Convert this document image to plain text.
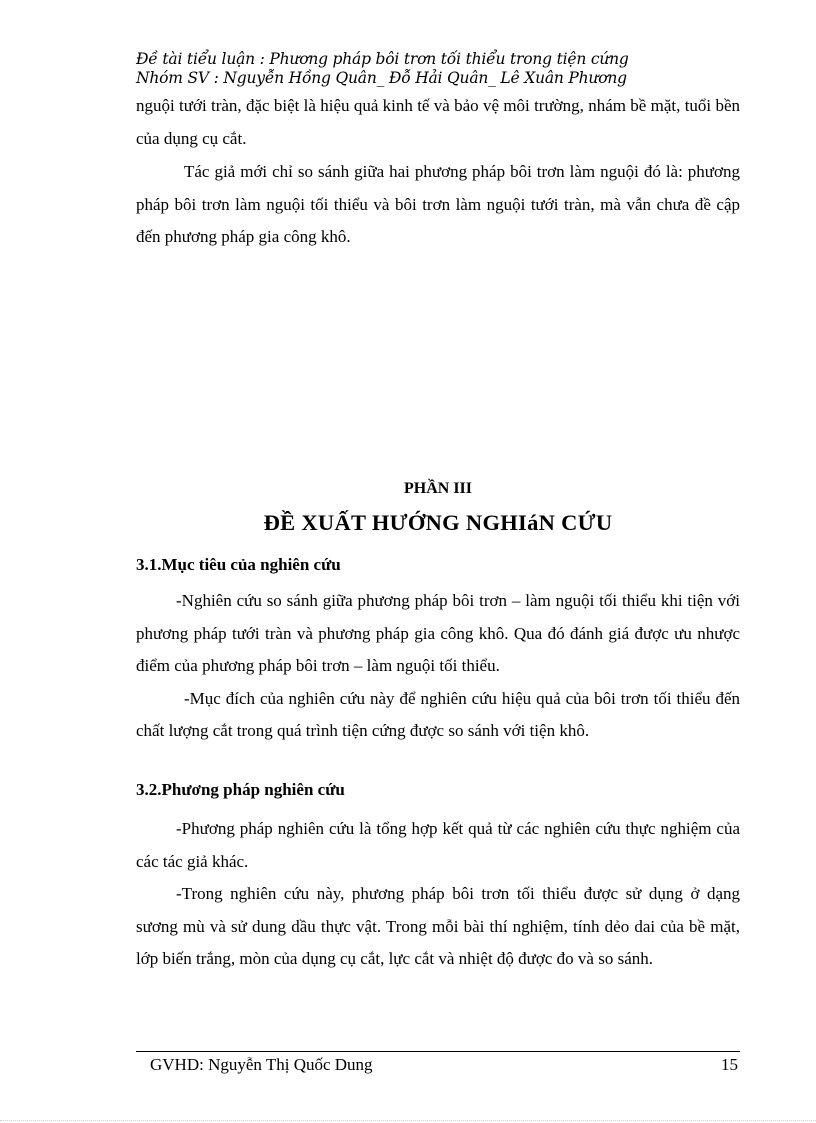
Đề tài tiểu luận : Phương pháp bôi trơn tối thiểu trong tiện cứng
Nhóm SV : Nguyễn Hồng Quân_ Đỗ Hải Quân_ Lê Xuân Phương

nguội tưới tràn, đặc biệt là hiệu quả kinh tế và bảo vệ môi trường, nhám bề mặt, tuổi bền của dụng cụ cắt.

Tác giả mới chỉ so sánh giữa hai phương pháp bôi trơn làm nguội đó là: phương pháp bôi trơn làm nguội tối thiểu và bôi trơn làm nguội tưới tràn, mà vẫn chưa đề cập đến phương pháp gia công khô.

PHẦN III
ĐỀ XUẤT HƯỚNG NGHIáN CỨU
3.1.Mục tiêu của nghiên cứu

-Nghiên cứu so sánh giữa phương pháp bôi trơn – làm nguội tối thiểu khi tiện với phương pháp tưới tràn và phương pháp gia công khô. Qua đó đánh giá được ưu nhược điểm của phương pháp bôi trơn – làm nguội tối thiểu.

-Mục đích của nghiên cứu này để nghiên cứu hiệu quả của bôi trơn tối thiểu đến chất lượng cắt trong quá trình tiện cứng được so sánh với tiện khô.

3.2.Phương pháp nghiên cứu

-Phương pháp nghiên cứu là tổng hợp kết quả từ các nghiên cứu thực nghiệm của các tác giả khác.

-Trong nghiên cứu này, phương pháp bôi trơn tối thiểu được sử dụng ở dạng sương mù và sử dung dầu thực vật. Trong mỗi bài thí nghiệm, tính dẻo dai của bề mặt, lớp biến trắng, mòn của dụng cụ cắt, lực cắt và nhiệt độ được đo và so sánh.

GVHD: Nguyễn Thị Quốc Dung	15
